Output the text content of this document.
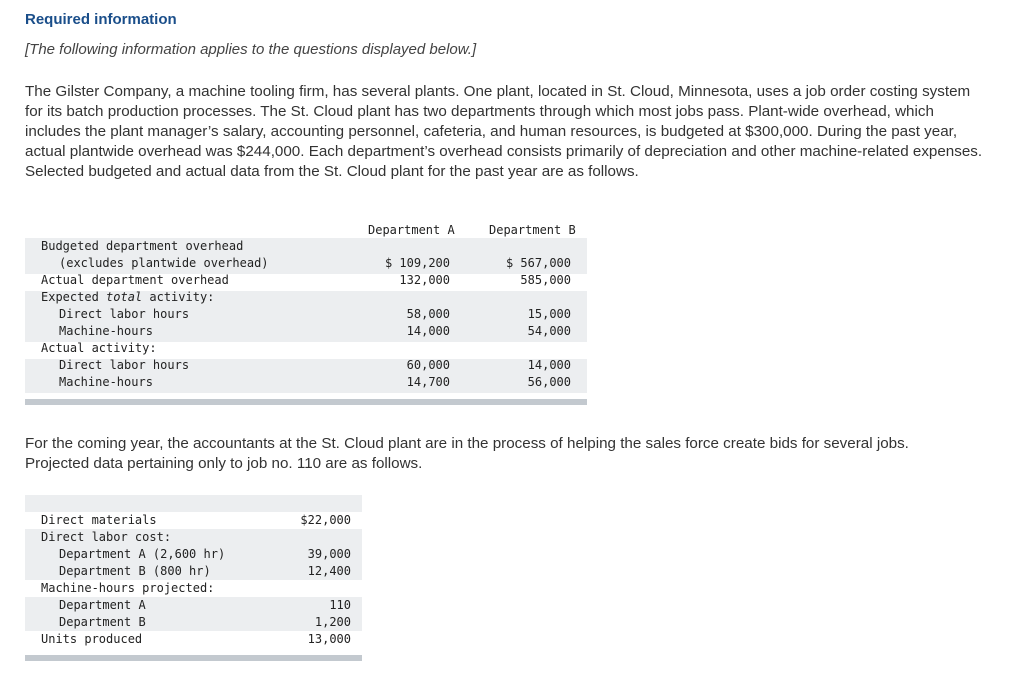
Required information
[The following information applies to the questions displayed below.]

The Gilster Company, a machine tooling firm, has several plants. One plant, located in St. Cloud, Minnesota, uses a job order costing system for its batch production processes. The St. Cloud plant has two departments through which most jobs pass. Plant-wide overhead, which includes the plant manager’s salary, accounting personnel, cafeteria, and human resources, is budgeted at $300,000. During the past year, actual plantwide overhead was $244,000. Each department’s overhead consists primarily of depreciation and other machine-related expenses. Selected budgeted and actual data from the St. Cloud plant for the past year are as follows.

Department A	Department B
Budgeted department overhead
(excludes plantwide overhead)	$ 109,200	$ 567,000
Actual department overhead	132,000	585,000
Expected total activity:
Direct labor hours	58,000	15,000
Machine-hours	14,000	54,000
Actual activity:
Direct labor hours	60,000	14,000
Machine-hours	14,700	56,000

For the coming year, the accountants at the St. Cloud plant are in the process of helping the sales force create bids for several jobs. Projected data pertaining only to job no. 110 are as follows.

Direct materials	$22,000
Direct labor cost:
Department A (2,600 hr)	39,000
Department B (800 hr)	12,400
Machine-hours projected:
Department A	110
Department B	1,200
Units produced	13,000
